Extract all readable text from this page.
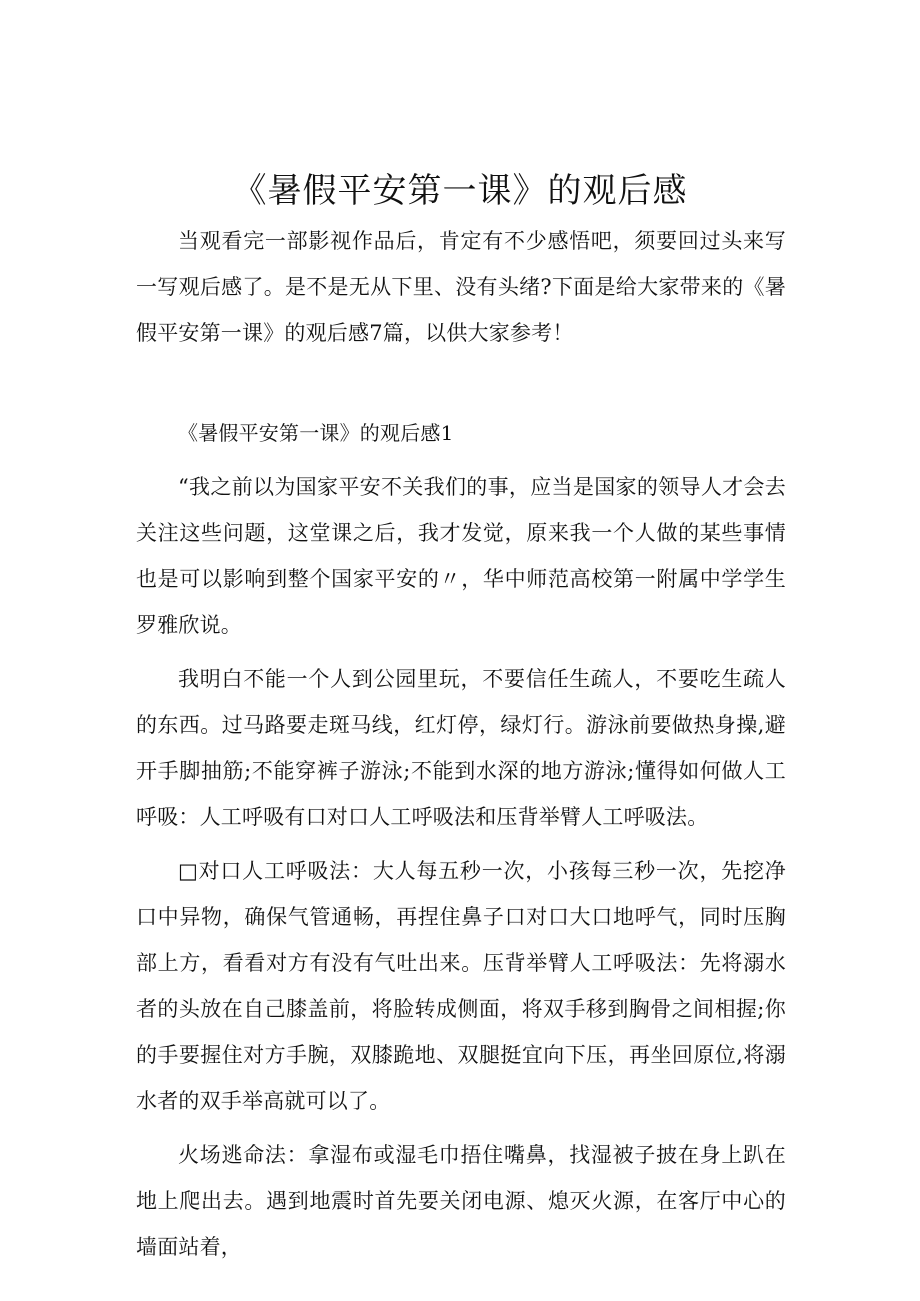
《暑假平安第一课》的观后感

当观看完一部影视作品后，肯定有不少感悟吧，须要回过头来写一写观后感了。是不是无从下里、没有头绪?下面是给大家带来的《暑假平安第一课》的观后感7篇，以供大家参考！

《暑假平安第一课》的观后感1

“我之前以为国家平安不关我们的事，应当是国家的领导人才会去关注这些问题，这堂课之后，我才发觉，原来我一个人做的某些事情也是可以影响到整个国家平安的〃，华中师范高校第一附属中学学生罗雅欣说。

我明白不能一个人到公园里玩，不要信任生疏人，不要吃生疏人的东西。过马路要走斑马线，红灯停，绿灯行。游泳前要做热身操,避开手脚抽筋;不能穿裤子游泳;不能到水深的地方游泳;懂得如何做人工呼吸：人工呼吸有口对口人工呼吸法和压背举臂人工呼吸法。

□对口人工呼吸法：大人每五秒一次，小孩每三秒一次，先挖净口中异物，确保气管通畅，再捏住鼻子口对口大口地呼气，同时压胸部上方，看看对方有没有气吐出来。压背举臂人工呼吸法：先将溺水者的头放在自己膝盖前，将脸转成侧面，将双手移到胸骨之间相握;你的手要握住对方手腕，双膝跪地、双腿挺宜向下压，再坐回原位,将溺水者的双手举高就可以了。

火场逃命法：拿湿布或湿毛巾捂住嘴鼻，找湿被子披在身上趴在地上爬出去。遇到地震时首先要关闭电源、熄灭火源，在客厅中心的墙面站着，
